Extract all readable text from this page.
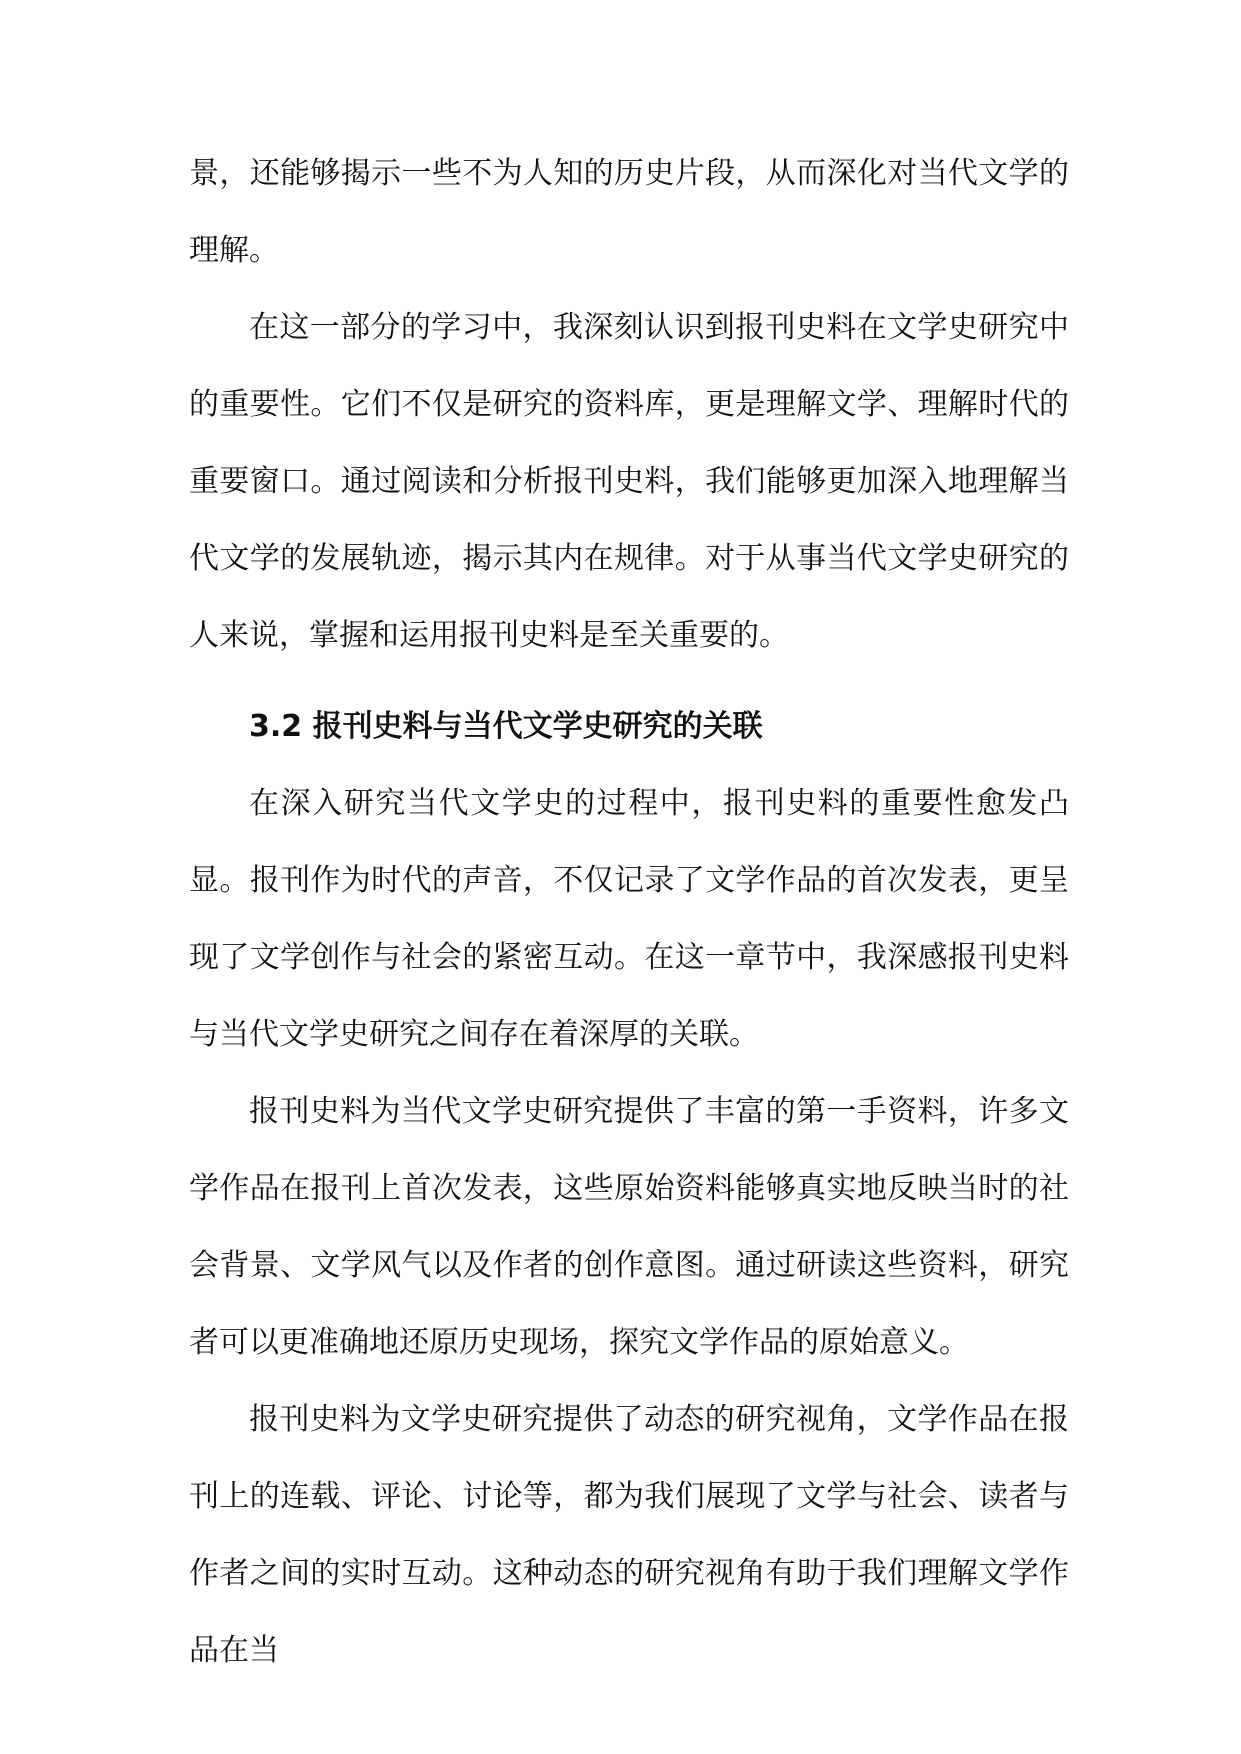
景，还能够揭示一些不为人知的历史片段，从而深化对当代文学的理解。

在这一部分的学习中，我深刻认识到报刊史料在文学史研究中的重要性。它们不仅是研究的资料库，更是理解文学、理解时代的重要窗口。通过阅读和分析报刊史料，我们能够更加深入地理解当代文学的发展轨迹，揭示其内在规律。对于从事当代文学史研究的人来说，掌握和运用报刊史料是至关重要的。

3.2 报刊史料与当代文学史研究的关联

在深入研究当代文学史的过程中，报刊史料的重要性愈发凸显。报刊作为时代的声音，不仅记录了文学作品的首次发表，更呈现了文学创作与社会的紧密互动。在这一章节中，我深感报刊史料与当代文学史研究之间存在着深厚的关联。

报刊史料为当代文学史研究提供了丰富的第一手资料，许多文学作品在报刊上首次发表，这些原始资料能够真实地反映当时的社会背景、文学风气以及作者的创作意图。通过研读这些资料，研究者可以更准确地还原历史现场，探究文学作品的原始意义。

报刊史料为文学史研究提供了动态的研究视角，文学作品在报刊上的连载、评论、讨论等，都为我们展现了文学与社会、读者与作者之间的实时互动。这种动态的研究视角有助于我们理解文学作品在当
